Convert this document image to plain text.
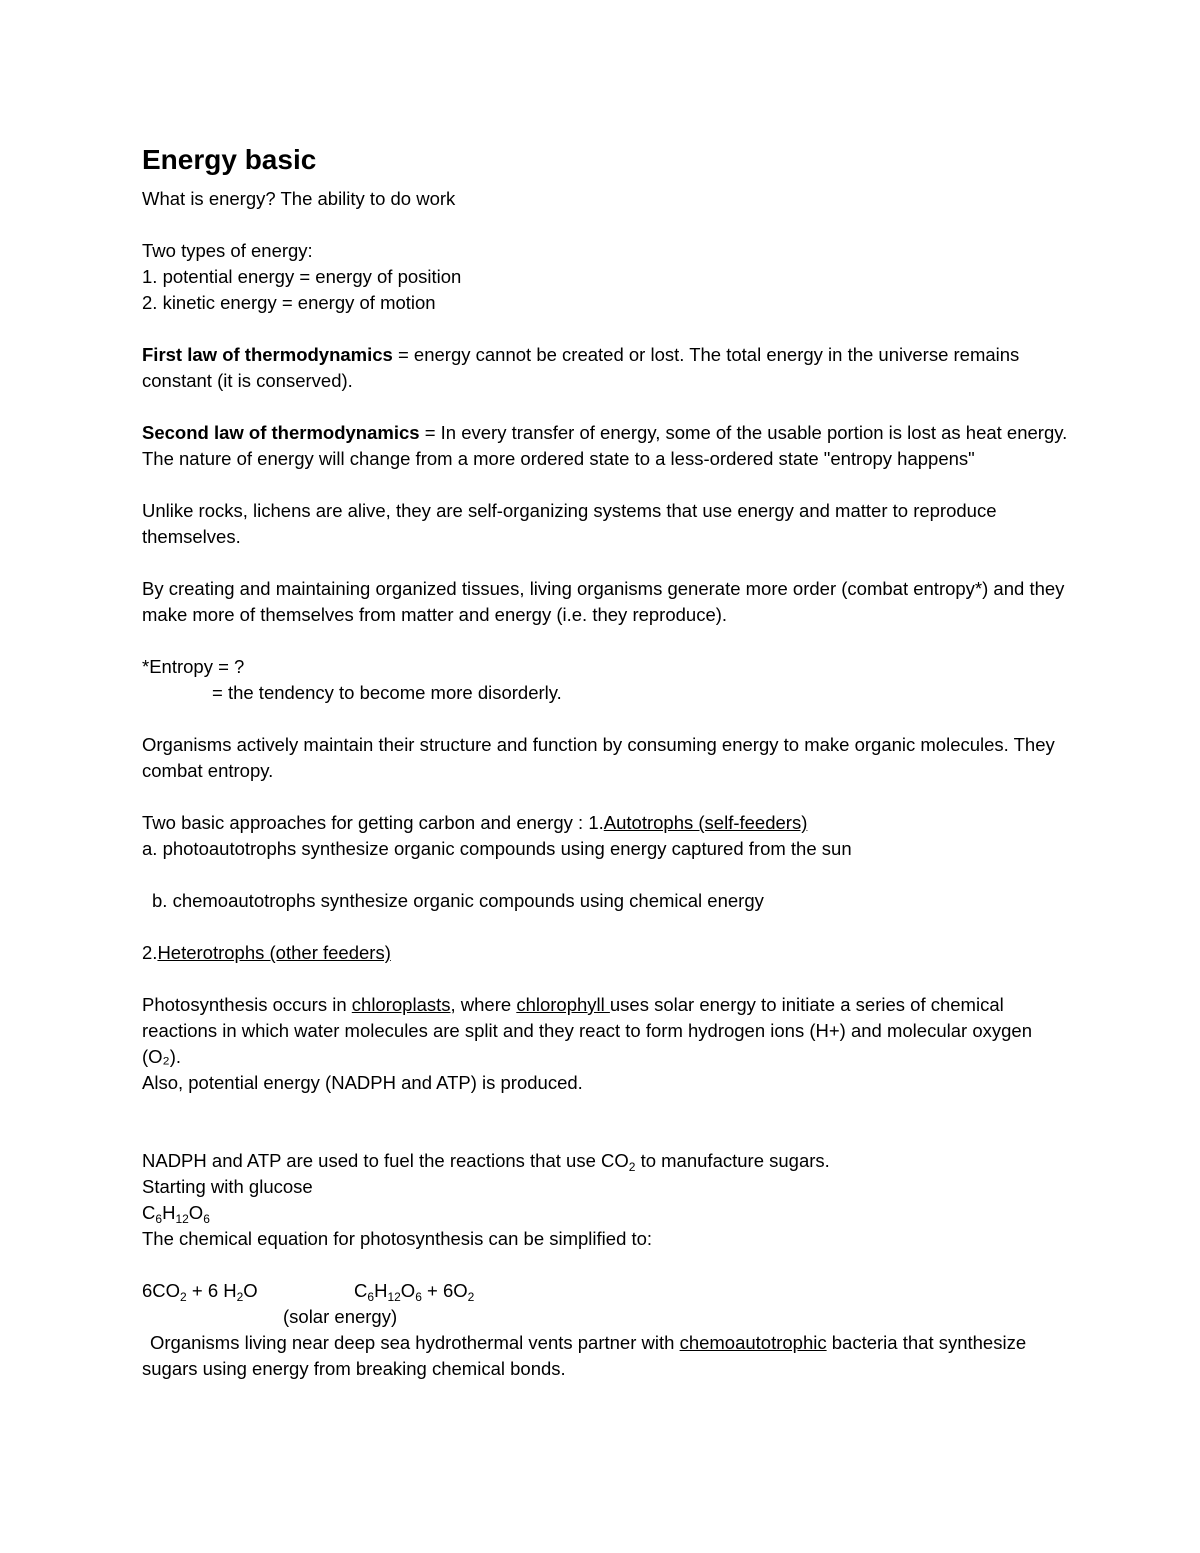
Energy basic

What is energy? The ability to do work

Two types of energy:

1. potential energy = energy of position

2. kinetic energy = energy of motion

First law of thermodynamics = energy cannot be created or lost. The total energy in the universe remains constant (it is conserved).

Second law of thermodynamics = In every transfer of energy, some of the usable portion is lost as heat energy. The nature of energy will change from a more ordered state to a less-ordered state "entropy happens"

Unlike rocks, lichens are alive, they are self-organizing systems that use energy and matter to reproduce themselves.

By creating and maintaining organized tissues, living organisms generate more order (combat entropy*) and they make more of themselves from matter and energy (i.e. they reproduce).

*Entropy = ?

= the tendency to become more disorderly.

Organisms actively maintain their structure and function by consuming energy to make organic molecules. They combat entropy.

Two basic approaches for getting carbon and energy : 1.Autotrophs (self-feeders)

a. photoautotrophs synthesize organic compounds using energy captured from the sun

b. chemoautotrophs synthesize organic compounds using chemical energy

2.Heterotrophs (other feeders)

Photosynthesis occurs in chloroplasts, where chlorophyll uses solar energy to initiate a series of chemical reactions in which water molecules are split and they react to form hydrogen ions (H+) and molecular oxygen (O₂).

Also, potential energy (NADPH and ATP) is produced.

NADPH and ATP are used to fuel the reactions that use $CO_2$ to manufacture sugars.

Starting with glucose

$C_6H_{12}O_6$

The chemical equation for photosynthesis can be simplified to:

$6CO_2 + 6$ $H_2O$	$C_6H_{12}O_6 + 6O_2$

(solar energy)

Organisms living near deep sea hydrothermal vents partner with chemoautotrophic bacteria that synthesize sugars using energy from breaking chemical bonds.
